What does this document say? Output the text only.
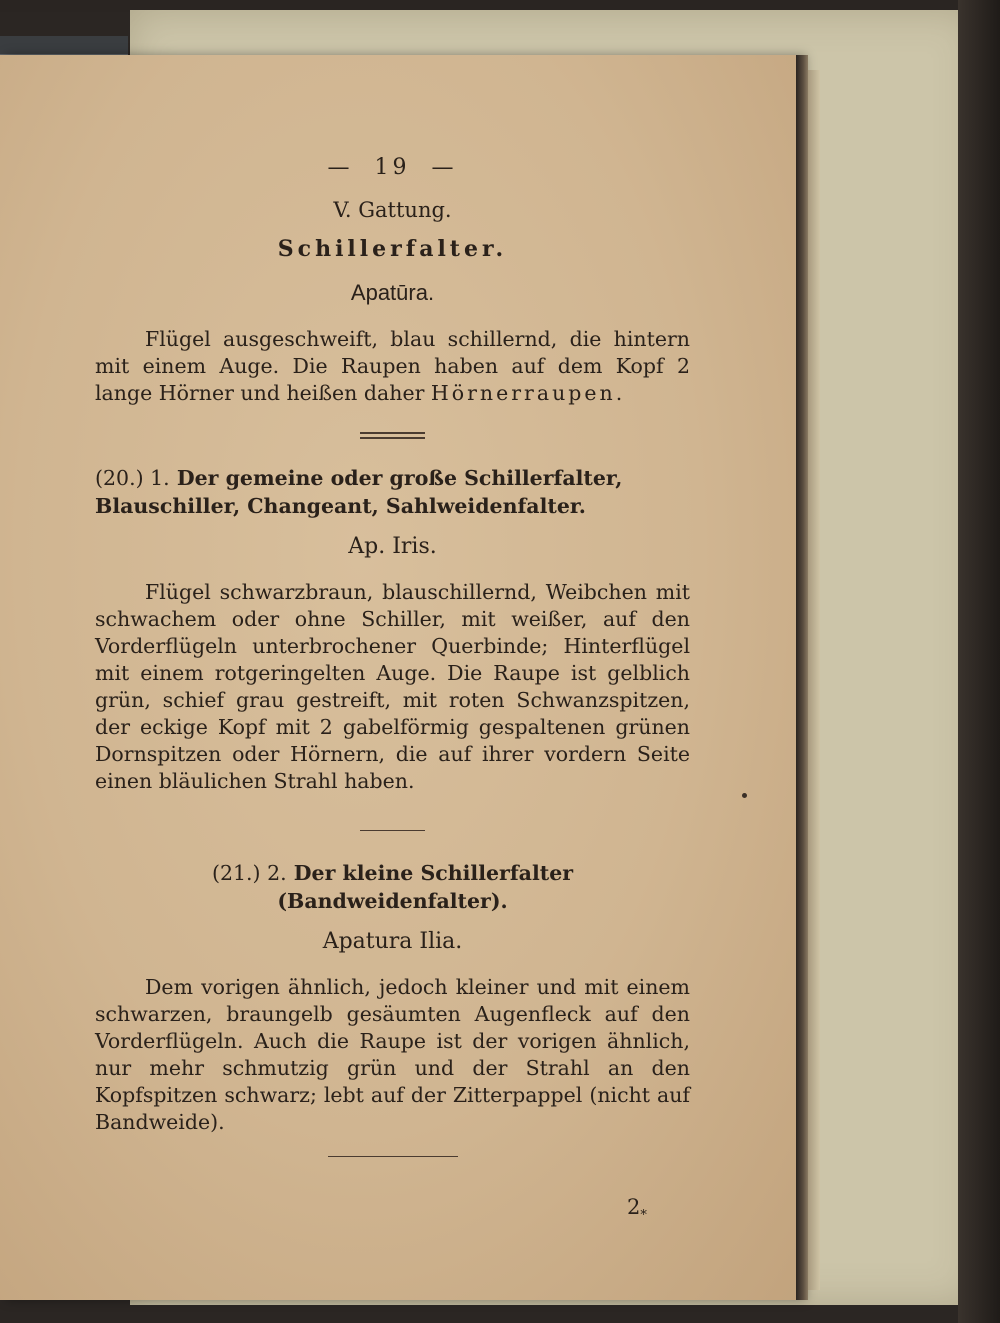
— 19 —
V. Gattung.
Schillerfalter.
Apatūra.
Flügel ausgeschweift, blau schillernd, die hintern mit einem Auge. Die Raupen haben auf dem Kopf 2 lange Hörner und heißen daher Hörnerraupen.
(20.) 1. Der gemeine oder große Schillerfalter, Blauschiller, Changeant, Sahlweidenfalter.
Ap. Iris.
Flügel schwarzbraun, blauschillernd, Weibchen mit schwachem oder ohne Schiller, mit weißer, auf den Vorderflügeln unterbrochener Querbinde; Hinterflügel mit einem rotgeringelten Auge. Die Raupe ist gelblich grün, schief grau gestreift, mit roten Schwanzspitzen, der eckige Kopf mit 2 gabelförmig gespaltenen grünen Dornspitzen oder Hörnern, die auf ihrer vordern Seite einen bläulichen Strahl haben.
(21.) 2. Der kleine Schillerfalter (Bandweidenfalter).
Apatura Ilia.
Dem vorigen ähnlich, jedoch kleiner und mit einem schwarzen, braungelb gesäumten Augenfleck auf den Vorderflügeln. Auch die Raupe ist der vorigen ähnlich, nur mehr schmutzig grün und der Strahl an den Kopfspitzen schwarz; lebt auf der Zitterpappel (nicht auf Bandweide).
$2_*$
